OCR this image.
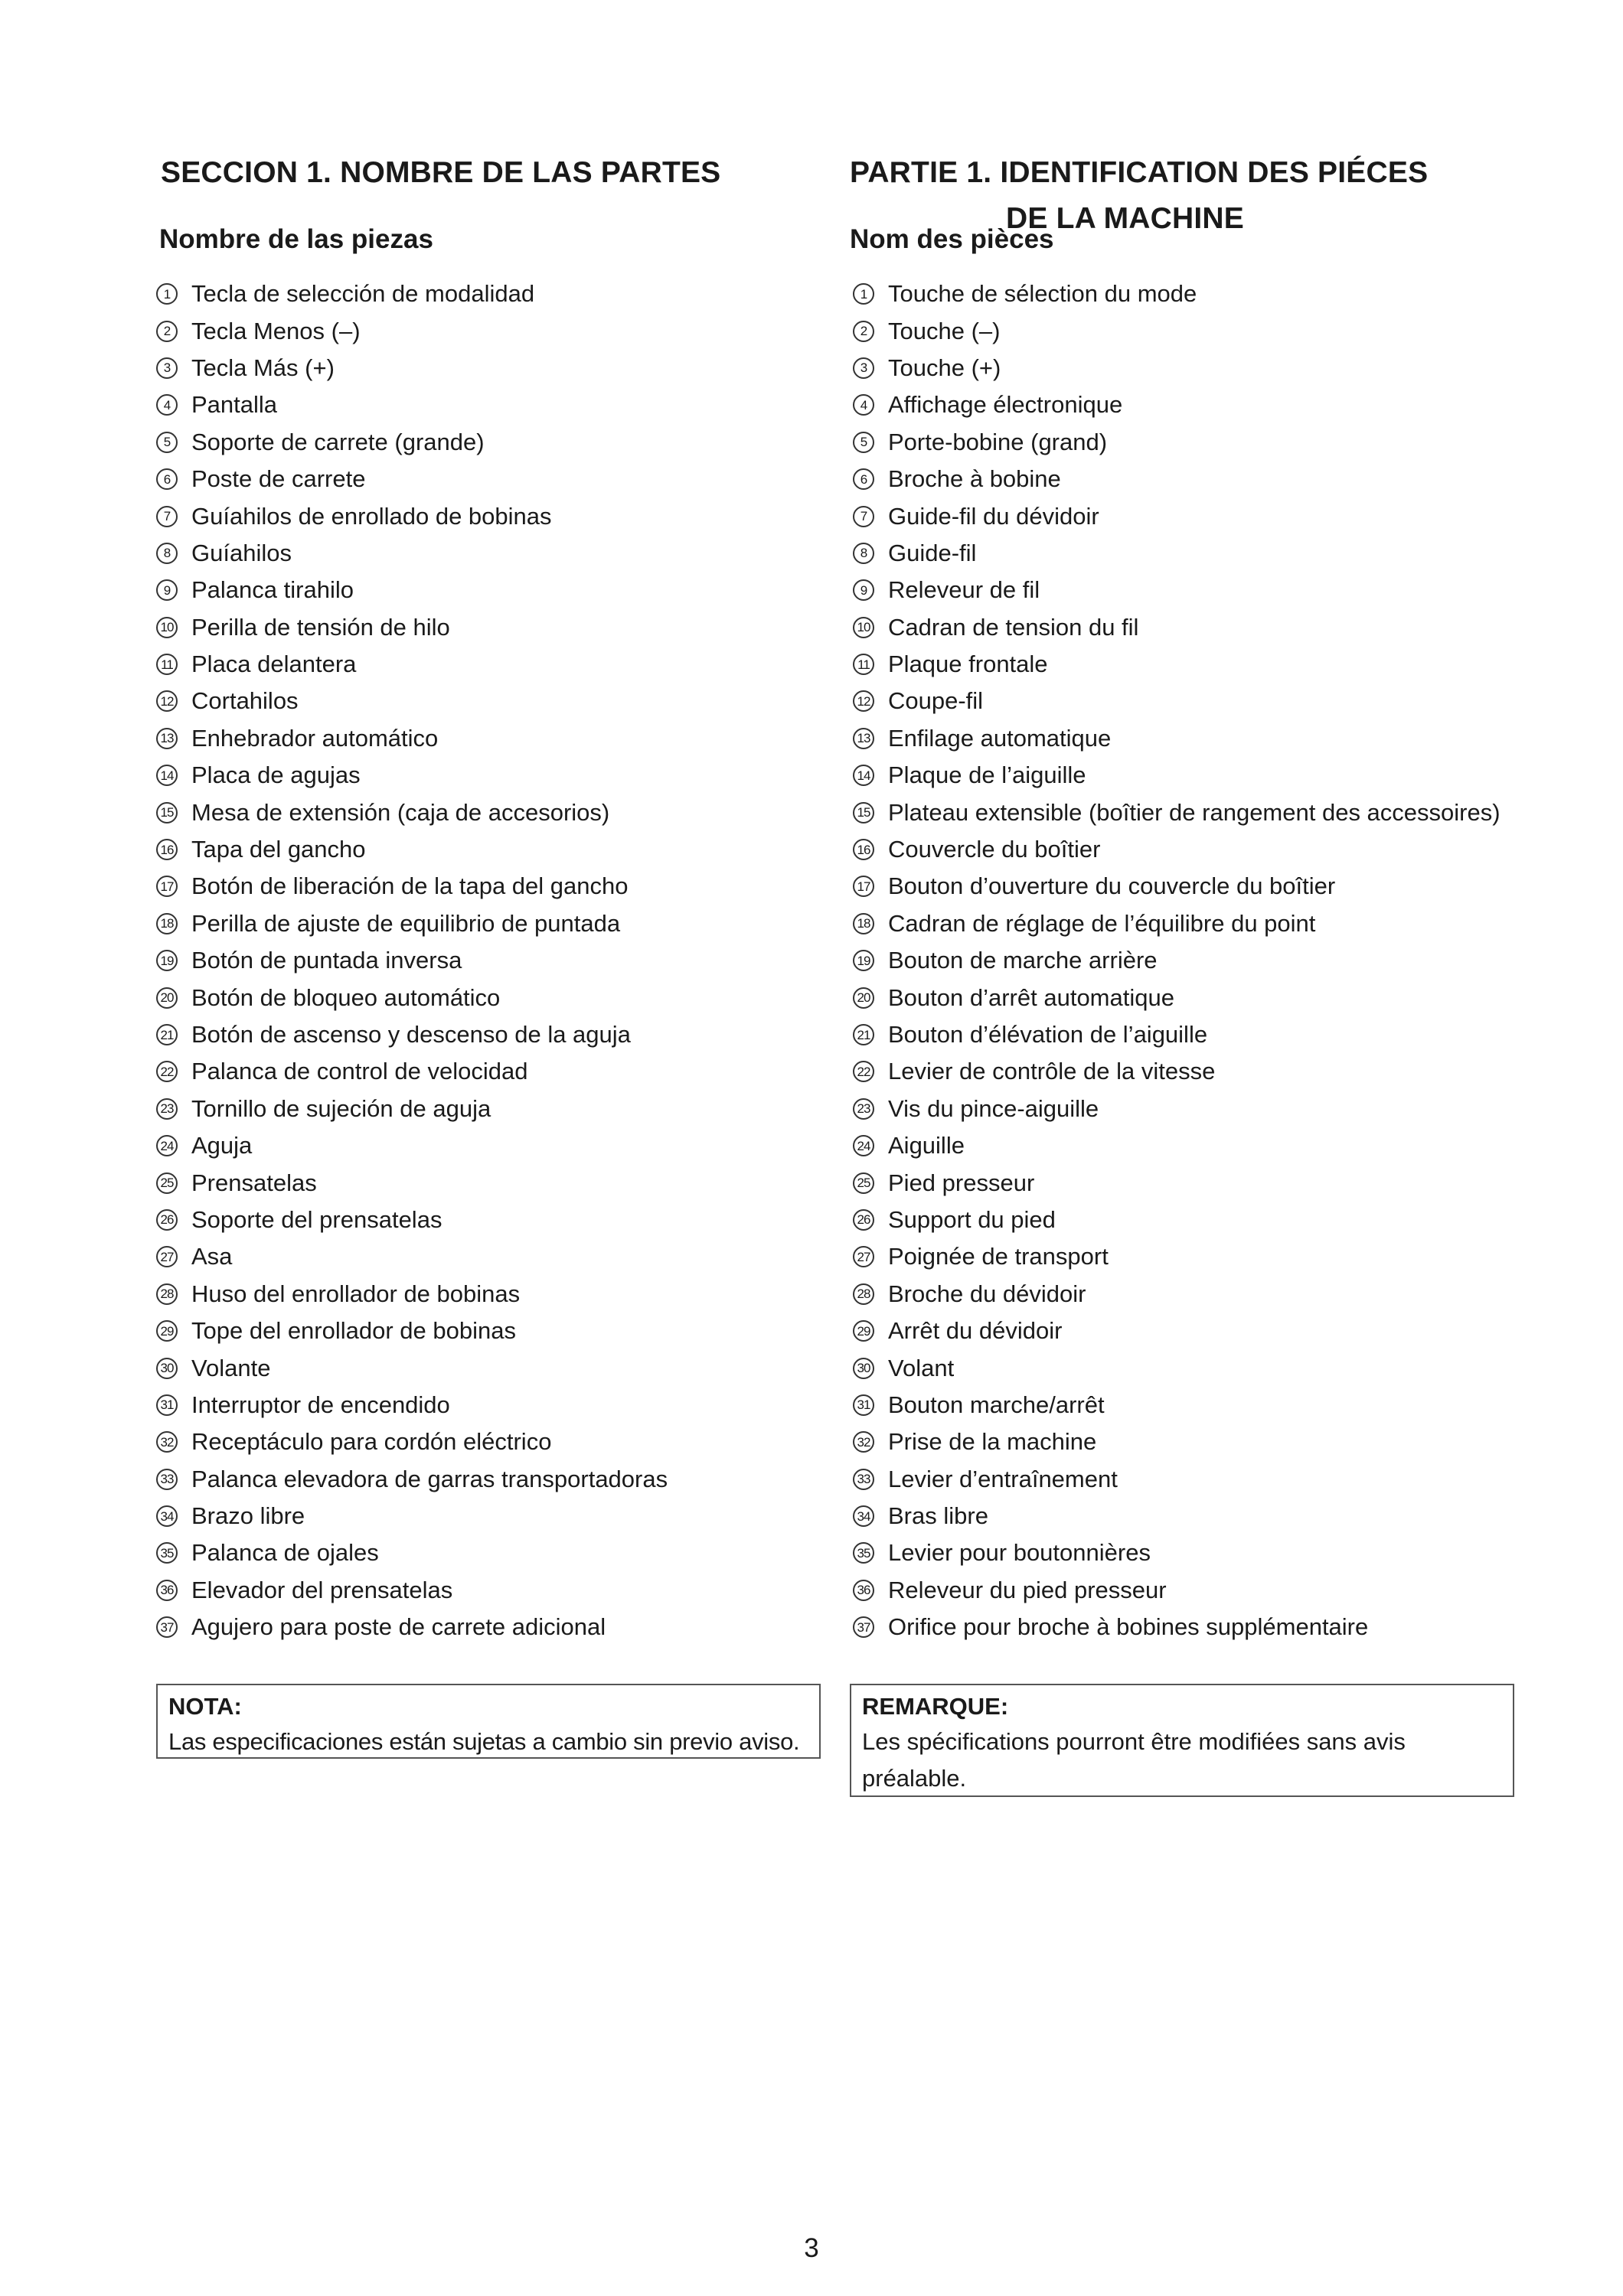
SECCION 1. NOMBRE DE LAS PARTES
Nombre de las piezas
1 Tecla de selección de modalidad
2 Tecla Menos (–)
3 Tecla Más (+)
4 Pantalla
5 Soporte de carrete (grande)
6 Poste de carrete
7 Guíahilos de enrollado de bobinas
8 Guíahilos
9 Palanca tirahilo
10 Perilla de tensión de hilo
11 Placa delantera
12 Cortahilos
13 Enhebrador automático
14 Placa de agujas
15 Mesa de extensión (caja de accesorios)
16 Tapa del gancho
17 Botón de liberación de la tapa del gancho
18 Perilla de ajuste de equilibrio de puntada
19 Botón de puntada inversa
20 Botón de bloqueo automático
21 Botón de ascenso y descenso de la aguja
22 Palanca de control de velocidad
23 Tornillo de sujeción de aguja
24 Aguja
25 Prensatelas
26 Soporte del prensatelas
27 Asa
28 Huso del enrollador de bobinas
29 Tope del enrollador de bobinas
30 Volante
31 Interruptor de encendido
32 Receptáculo para cordón eléctrico
33 Palanca elevadora de garras transportadoras
34 Brazo libre
35 Palanca de ojales
36 Elevador del prensatelas
37 Agujero para poste de carrete adicional
NOTA:
Las especificaciones están sujetas a cambio sin previo aviso.
PARTIE 1. IDENTIFICATION DES PIÉCES
DE LA MACHINE
Nom des pièces
1 Touche de sélection du mode
2 Touche (–)
3 Touche (+)
4 Affichage électronique
5 Porte-bobine (grand)
6 Broche à bobine
7 Guide-fil du dévidoir
8 Guide-fil
9 Releveur de fil
10 Cadran de tension du fil
11 Plaque frontale
12 Coupe-fil
13 Enfilage automatique
14 Plaque de l’aiguille
15 Plateau extensible (boîtier de rangement des accessoires)
16 Couvercle du boîtier
17 Bouton d’ouverture du couvercle du boîtier
18 Cadran de réglage de l’équilibre du point
19 Bouton de marche arrière
20 Bouton d’arrêt automatique
21 Bouton d’élévation de l’aiguille
22 Levier de contrôle de la vitesse
23 Vis du pince-aiguille
24 Aiguille
25 Pied presseur
26 Support du pied
27 Poignée de transport
28 Broche du dévidoir
29 Arrêt du dévidoir
30 Volant
31 Bouton marche/arrêt
32 Prise de la machine
33 Levier d’entraînement
34 Bras libre
35 Levier pour boutonnières
36 Releveur du pied presseur
37 Orifice pour broche à bobines supplémentaire
REMARQUE:
Les spécifications pourront être modifiées sans avis préalable.
3
